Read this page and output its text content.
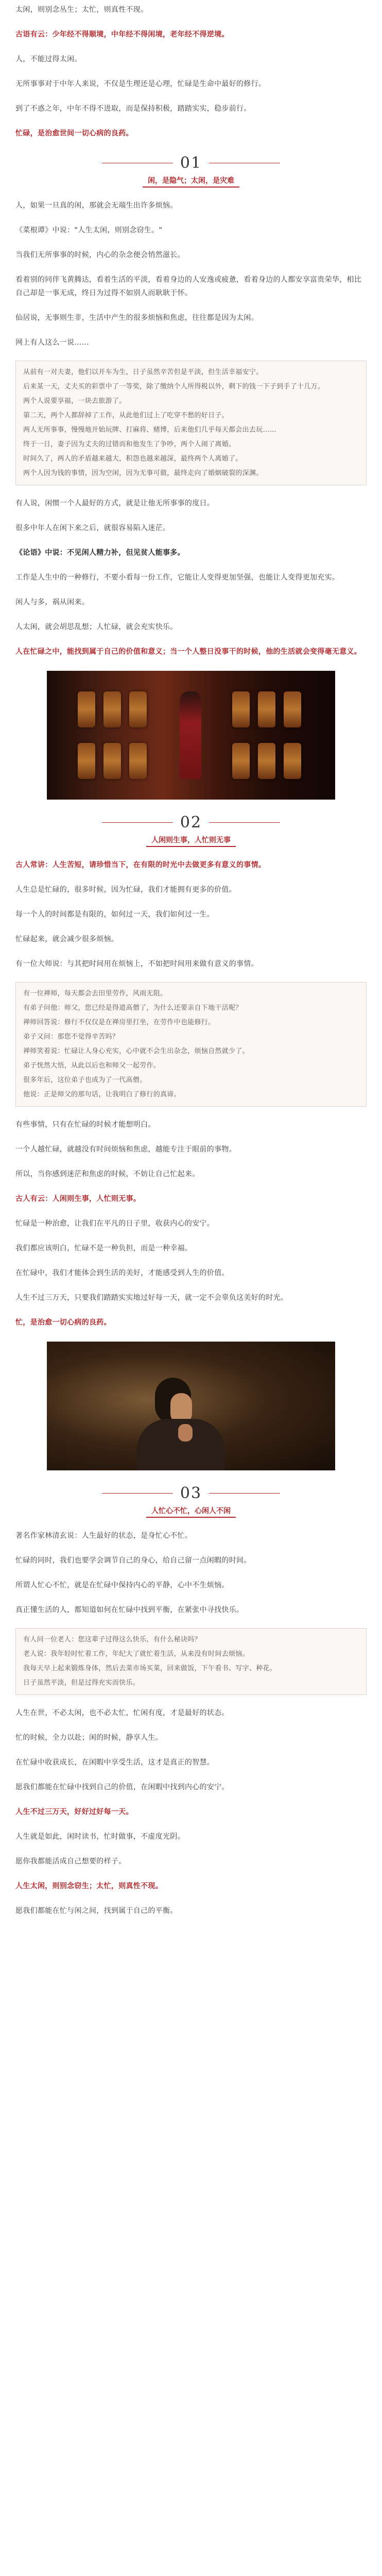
太闲，则别念丛生；太忙，则真性不现。

古语有云：少年经不得顺境，中年经不得闲境，老年经不得逆境。

人，不能过得太闲。

无所事事对于中年人来说，不仅是生理还是心理，忙碌是生命中最好的修行。

到了不惑之年，中年不得不进取，而是保持积极，踏踏实实，稳步前行。

忙碌，是治愈世间一切心病的良药。

01
闲，是隐气；太闲，是灾难

人，如果一旦真的闲，那就会无端生出许多烦恼。

《菜根谭》中说："人生太闲，则别念窃生。"

当我们无所事事的时候，内心的杂念便会悄然滋长。

看着别的同伴飞黄腾达，看着生活的平淡，看着身边的人安逸或疲惫，看着身边的人都安享富贵荣华，相比自己却是一事无成，终日为过得不如别人而耿耿于怀。

仙居说，无事则生非，生活中产生的很多烦恼和焦虑，往往都是因为太闲。

网上有人这么一说……

从前有一对夫妻，他们以开车为生，日子虽然辛苦但是平淡，但生活幸福安宁。

后来某一天，丈夫买的彩票中了一等奖，除了缴纳个人所得税以外，剩下的钱一下子到手了十几万。

两个人说要享福，一块去旅游了。

第二天，两个人都辞掉了工作，从此他们过上了吃穿不愁的好日子。

两人无所事事，慢慢地开始玩牌、打麻将、赌博，后来他们几乎每天都会出去玩……

终于一日，妻子因为丈夫的过错而和他发生了争吵，两个人闹了离婚。

时间久了，两人的矛盾越来越大，积怨也越来越深，最终两个人离婚了。

两个人因为钱的事情，因为空闲，因为无事可做，最终走向了婚姻破裂的深渊。

有人说，闲惯一个人最好的方式，就是让他无所事事的度日。

很多中年人在闲下来之后，就很容易陷入迷茫。

《论语》中说：不见闲人精力补，但见贫人能事多。

工作是人生中的一种修行，不要小看每一份工作，它能让人变得更加坚强，也能让人变得更加充实。

闲人与多，祸从闲来。

人太闲，就会胡思乱想；人忙碌，就会充实快乐。

人在忙碌之中，能找到属于自己的价值和意义；当一个人整日没事干的时候，他的生活就会变得毫无意义。

02
人闲则生事，人忙则无事

古人常讲：人生苦短，请珍惜当下，在有限的时光中去做更多有意义的事情。

人生总是忙碌的，很多时候，因为忙碌，我们才能拥有更多的价值。

每一个人的时间都是有限的，如何过一天，我们如何过一生。

忙碌起来，就会减少很多烦恼。

有一位大师说：与其把时间用在烦恼上，不如把时间用来做有意义的事情。

有一位禅师，每天都会去田里劳作，风雨无阻。

有弟子问他：师父，您已经是得道高僧了，为什么还要亲自下地干活呢？

禅师回答说：修行不仅仅是在禅房里打坐，在劳作中也能修行。

弟子又问：那您不觉得辛苦吗？

禅师笑着说：忙碌让人身心充实，心中就不会生出杂念，烦恼自然就少了。

弟子恍然大悟，从此以后也和师父一起劳作。

很多年后，这位弟子也成为了一代高僧。

他说：正是师父的那句话，让我明白了修行的真谛。

有些事情，只有在忙碌的时候才能想明白。

一个人越忙碌，就越没有时间烦恼和焦虑，越能专注于眼前的事物。

所以，当你感到迷茫和焦虑的时候，不妨让自己忙起来。

古人有云：人闲则生事，人忙则无事。

忙碌是一种治愈，让我们在平凡的日子里，收获内心的安宁。

我们都应该明白，忙碌不是一种负担，而是一种幸福。

在忙碌中，我们才能体会到生活的美好，才能感受到人生的价值。

人生不过三万天，只要我们踏踏实实地过好每一天，就一定不会辜负这美好的时光。

忙，是治愈一切心病的良药。

03
人忙心不忙，心闲人不闲

著名作家林清玄说：人生最好的状态，是身忙心不忙。

忙碌的同时，我们也要学会调节自己的身心，给自己留一点闲暇的时间。

所谓人忙心不忙，就是在忙碌中保持内心的平静，心中不生烦恼。

真正懂生活的人，都知道如何在忙碌中找到平衡，在紧张中寻找快乐。

有人问一位老人：您这辈子过得这么快乐，有什么秘诀吗？

老人说：我年轻时忙着工作，年纪大了就忙着生活，从来没有时间去烦恼。

我每天早上起来锻炼身体，然后去菜市场买菜，回来做饭，下午看书、写字、种花。

日子虽然平淡，但是过得充实而快乐。

人生在世，不必太闲，也不必太忙，忙闲有度，才是最好的状态。

忙的时候，全力以赴；闲的时候，静享人生。

在忙碌中收获成长，在闲暇中享受生活，这才是真正的智慧。

愿我们都能在忙碌中找到自己的价值，在闲暇中找到内心的安宁。

人生不过三万天，好好过好每一天。

人生就是如此，闲时读书，忙时做事，不虚度光阴。

愿你我都能活成自己想要的样子。

人生太闲，则别念窃生；太忙，则真性不现。

愿我们都能在忙与闲之间，找到属于自己的平衡。
